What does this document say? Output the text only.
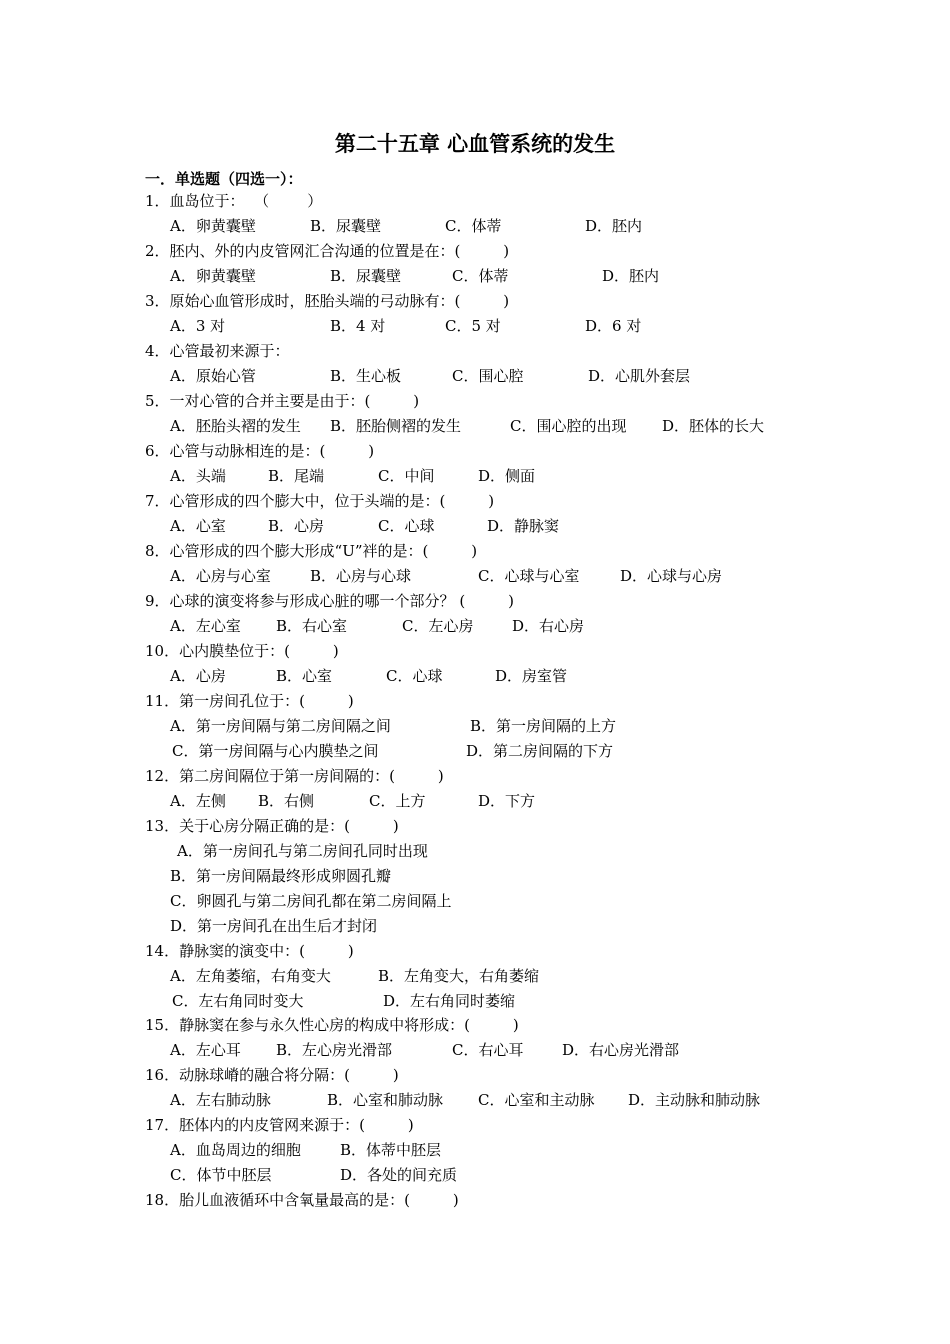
第二十五章 心血管系统的发生
一．单选题（四选一）：
1．血岛位于：  （        ）
A．卵黄囊壁	B．尿囊壁	C．体蒂	D．胚内
2．胚内、外的内皮管网汇合沟通的位置是在：(         )
A．卵黄囊壁	B．尿囊壁	C．体蒂	D．胚内
3．原始心血管形成时，胚胎头端的弓动脉有：(         )
A．3 对	B．4 对	C．5 对	D．6 对
4．心管最初来源于：
A．原始心管	B．生心板	C．围心腔	D．心肌外套层
5．一对心管的合并主要是由于：(         )
A．胚胎头褶的发生 B．胚胎侧褶的发生	C．围心腔的出现 D．胚体的长大
6．心管与动脉相连的是：(         )
A．头端	B．尾端	C．中间	D．侧面
7．心管形成的四个膨大中，位于头端的是：(         )
A．心室	B．心房	C．心球	D．静脉窦
8．心管形成的四个膨大形成“U”袢的是：(         )
A．心房与心室	B．心房与心球	C．心球与心室	D．心球与心房
9．心球的演变将参与形成心脏的哪一个部分？ (         )
A．左心室 B．右心室	C．左心房	D．右心房
10．心内膜垫位于：(         )
A．心房	B．心室	C．心球	D．房室管
11．第一房间孔位于：(         )
A．第一房间隔与第二房间隔之间	B．第一房间隔的上方
C．第一房间隔与心内膜垫之间	D．第二房间隔的下方
12．第二房间隔位于第一房间隔的：(         )
A．左侧 B．右侧	C．上方	D．下方
13．关于心房分隔正确的是：(         )
A．第一房间孔与第二房间孔同时出现
B．第一房间隔最终形成卵圆孔瓣
C．卵圆孔与第二房间孔都在第二房间隔上
D．第一房间孔在出生后才封闭
14．静脉窦的演变中：(         )
A．左角萎缩，右角变大	B．左角变大，右角萎缩
C．左右角同时变大	D．左右角同时萎缩
15．静脉窦在参与永久性心房的构成中将形成：(         )
A．左心耳 B．左心房光滑部	C．右心耳	D．右心房光滑部
16．动脉球嵴的融合将分隔：(         )
A．左右肺动脉	B．心室和肺动脉 C．心室和主动脉 D．主动脉和肺动脉
17．胚体内的内皮管网来源于：(         )
A．血岛周边的细胞	B．体蒂中胚层
C．体节中胚层	D．各处的间充质
18．胎儿血液循环中含氧量最高的是：(         )
